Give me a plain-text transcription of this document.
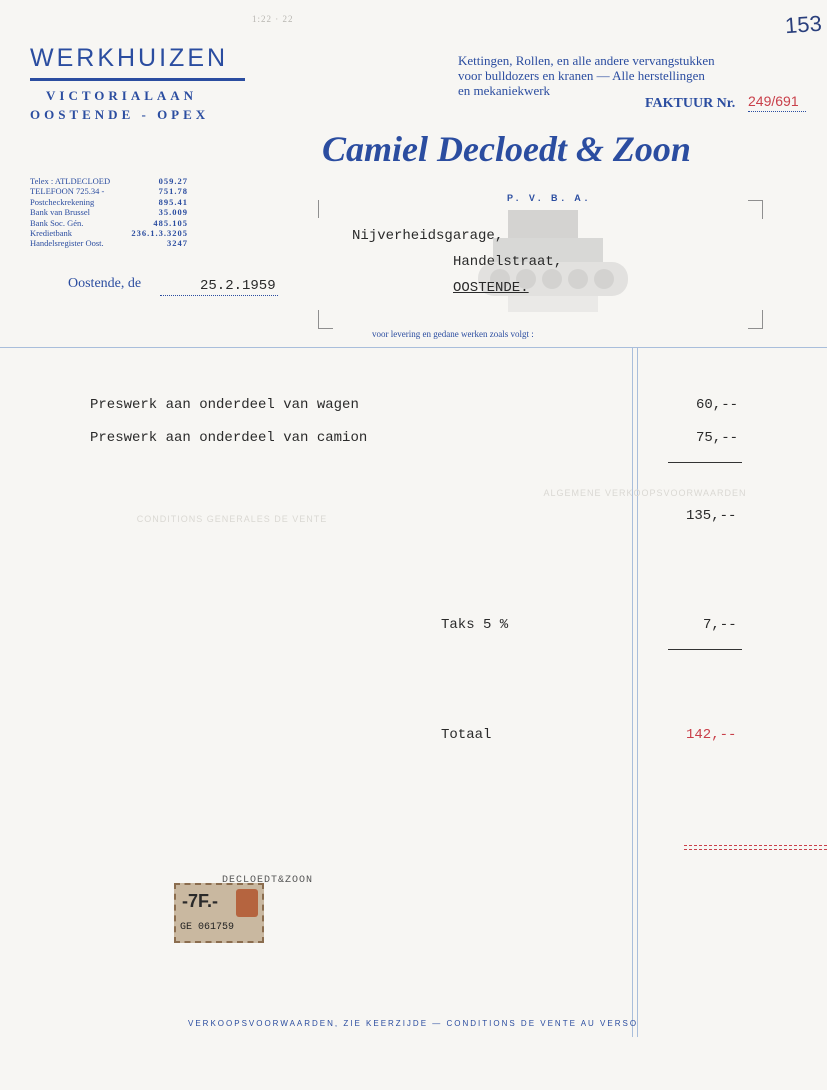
1:22 · 22	153
WERKHUIZEN
VICTORIALAAN
OOSTENDE - OPEX
Telex : ATLDECLOED	059.27
TELEFOON 725.34 -	751.78
Postcheckrekening	895.41
Bank van Brussel	35.009
Bank Soc. Gén.	485.105
Kredietbank	236.1.3.3205
Handelsregister Oost.	3247
Kettingen, Rollen, en alle andere vervangstukken
voor bulldozers en kranen — Alle herstellingen
en mekaniekwerk
FAKTUUR Nr. 249/691
Camiel Decloedt & Zoon
P. V. B. A.
Nijverheidsgarage,
Handelstraat,
OOSTENDE.
Oostende, de	25.2.1959
voor levering en gedane werken zoals volgt :
CONDITIONS GENERALES DE VENTE
ALGEMENE VERKOOPSVOORWAARDEN
Preswerk aan onderdeel van wagen	60,--
Preswerk aan onderdeel van camion	75,--
135,--
Taks 5 %	7,--
Totaal	142,--
-7F.-
GE 061759
DECLOEDT&ZOON
VERKOOPSVOORWAARDEN, ZIE KEERZIJDE — CONDITIONS DE VENTE AU VERSO
